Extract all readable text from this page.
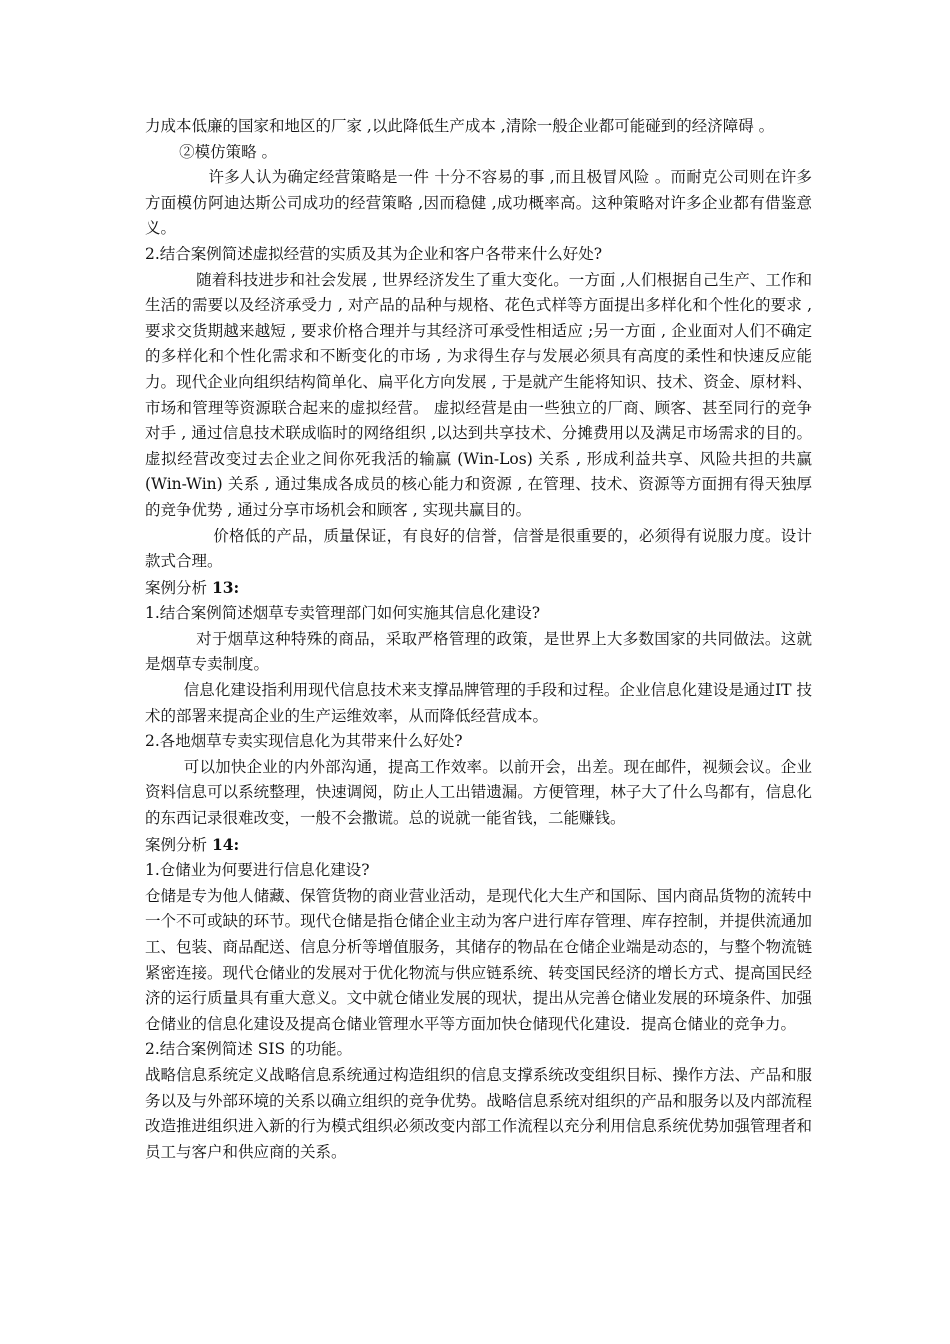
力成本低廉的国家和地区的厂家 ,以此降低生产成本 ,清除一般企业都可能碰到的经济障碍 。

②模仿策略 。

许多人认为确定经营策略是一件 十分不容易的事 ,而且极冒风险 。而耐克公司则在许多方面模仿阿迪达斯公司成功的经营策略 ,因而稳健 ,成功概率高。这种策略对许多企业都有借鉴意义。

2.结合案例简述虚拟经营的实质及其为企业和客户各带来什么好处?

随着科技进步和社会发展 , 世界经济发生了重大变化。一方面 ,人们根据自己生产、工作和生活的需要以及经济承受力 , 对产品的品种与规格、花色式样等方面提出多样化和个性化的要求 , 要求交货期越来越短 , 要求价格合理并与其经济可承受性相适应 ;另一方面 , 企业面对人们不确定的多样化和个性化需求和不断变化的市场 , 为求得生存与发展必须具有高度的柔性和快速反应能力。现代企业向组织结构简单化、扁平化方向发展 , 于是就产生能将知识、技术、资金、原材料、市场和管理等资源联合起来的虚拟经营。 虚拟经营是由一些独立的厂商、顾客、甚至同行的竞争对手 , 通过信息技术联成临时的网络组织 ,以达到共享技术、分摊费用以及满足市场需求的目的。虚拟经营改变过去企业之间你死我活的输赢 (Win-Los) 关系 , 形成利益共享、风险共担的共赢 (Win-Win) 关系 , 通过集成各成员的核心能力和资源 , 在管理、技术、资源等方面拥有得天独厚的竞争优势 , 通过分享市场机会和顾客 , 实现共赢目的。

价格低的产品，质量保证，有良好的信誉，信誉是很重要的，必须得有说服力度。设计款式合理。

案例分析 13:

1.结合案例简述烟草专卖管理部门如何实施其信息化建设?

对于烟草这种特殊的商品，采取严格管理的政策，是世界上大多数国家的共同做法。这就是烟草专卖制度。

信息化建设指利用现代信息技术来支撑品牌管理的手段和过程。企业信息化建设是通过IT 技术的部署来提高企业的生产运维效率，从而降低经营成本。

2.各地烟草专卖实现信息化为其带来什么好处?

可以加快企业的内外部沟通，提高工作效率。以前开会，出差。现在邮件，视频会议。企业资料信息可以系统整理，快速调阅，防止人工出错遗漏。方便管理，林子大了什么鸟都有，信息化的东西记录很难改变，一般不会撒谎。总的说就一能省钱，二能赚钱。

案例分析 14:

1.仓储业为何要进行信息化建设?

仓储是专为他人储藏、保管货物的商业营业活动，是现代化大生产和国际、国内商品货物的流转中一个不可或缺的环节。现代仓储是指仓储企业主动为客户进行库存管理、库存控制，并提供流通加工、包装、商品配送、信息分析等增值服务，其储存的物品在仓储企业端是动态的，与整个物流链紧密连接。现代仓储业的发展对于优化物流与供应链系统、转变国民经济的增长方式、提高国民经济的运行质量具有重大意义。文中就仓储业发展的现状，提出从完善仓储业发展的环境条件、加强仓储业的信息化建设及提高仓储业管理水平等方面加快仓储现代化建设．提高仓储业的竞争力。

2.结合案例简述 SIS 的功能。

战略信息系统定义战略信息系统通过构造组织的信息支撑系统改变组织目标、操作方法、产品和服务以及与外部环境的关系以确立组织的竞争优势。战略信息系统对组织的产品和服务以及内部流程改造推进组织进入新的行为模式组织必须改变内部工作流程以充分利用信息系统优势加强管理者和员工与客户和供应商的关系。
